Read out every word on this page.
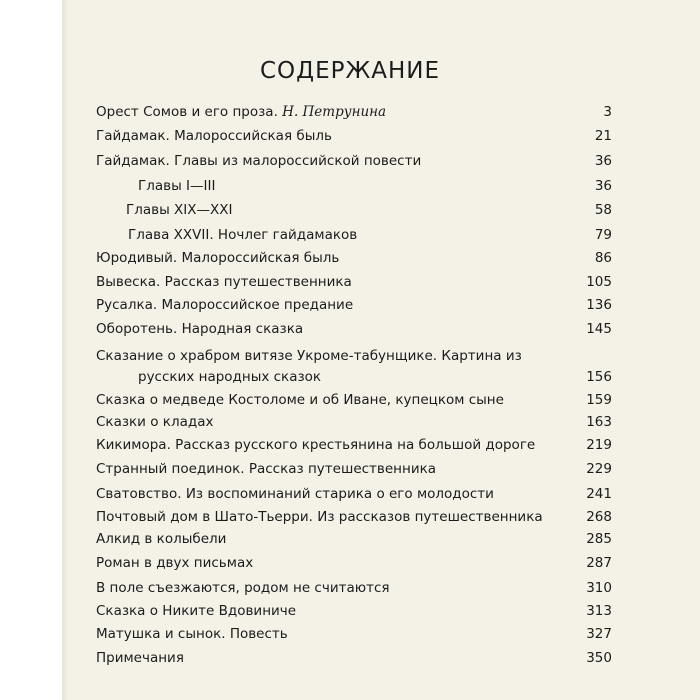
СОДЕРЖАНИЕ
Орест Сомов и его проза. Н. Петрунина	3
Гайдамак. Малороссийская быль	21
Гайдамак. Главы из малороссийской повести	36
Главы I—III	36
Главы XIX—XXI	58
Глава XXVII. Ночлег гайдамаков	79
Юродивый. Малороссийская быль	86
Вывеска. Рассказ путешественника	105
Русалка. Малороссийское предание	136
Оборотень. Народная сказка	145
Сказание о храбром витязе Укроме-табунщике. Картина из
русских народных сказок	156
Сказка о медведе Костоломе и об Иване, купецком сыне	159
Сказки о кладах	163
Кикимора. Рассказ русского крестьянина на большой дороге	219
Странный поединок. Рассказ путешественника	229
Сватовство. Из воспоминаний старика о его молодости	241
Почтовый дом в Шато-Тьерри. Из рассказов путешественника	268
Алкид в колыбели	285
Роман в двух письмах	287
В поле съезжаются, родом не считаются	310
Сказка о Никите Вдовиниче	313
Матушка и сынок. Повесть	327
Примечания	350
